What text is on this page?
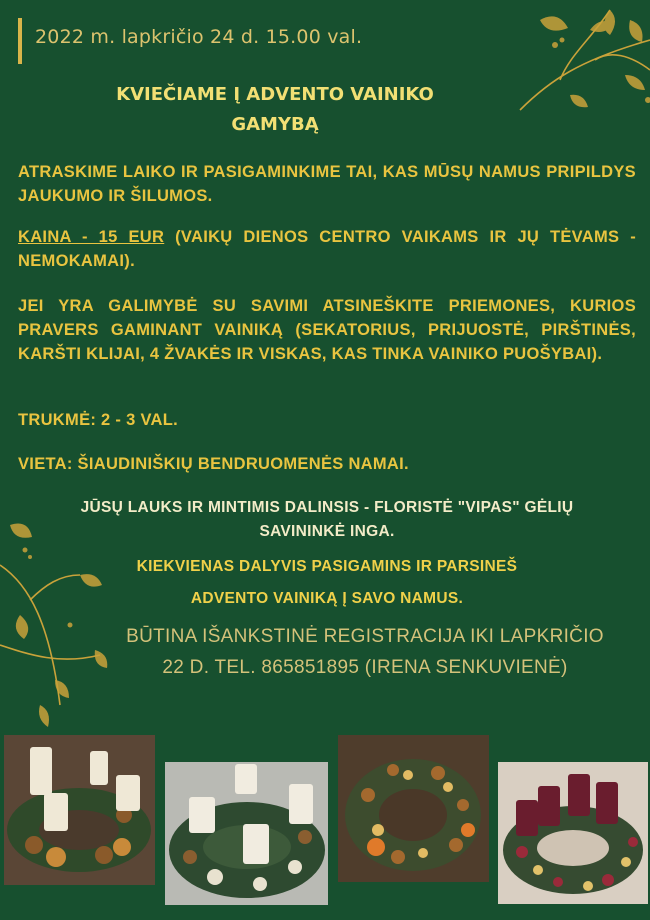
2022 m. lapkričio 24 d. 15.00 val.
KVIEČIAME Į ADVENTO VAINIKO
GAMYBĄ

ATRASKIME LAIKO IR PASIGAMINKIME TAI, KAS MŪSŲ NAMUS PRIPILDYS JAUKUMO IR ŠILUMOS.

KAINA - 15 EUR (VAIKŲ DIENOS CENTRO VAIKAMS IR JŲ TĖVAMS - NEMOKAMAI).

JEI YRA GALIMYBĖ SU SAVIMI ATSINEŠKITE PRIEMONES, KURIOS PRAVERS GAMINANT VAINIKĄ (SEKATORIUS, PRIJUOSTĖ, PIRŠTINĖS, KARŠTI KLIJAI, 4 ŽVAKĖS IR VISKAS, KAS TINKA VAINIKO PUOŠYBAI).

TRUKMĖ: 2 - 3 VAL.

VIETA: ŠIAUDINIŠKIŲ BENDRUOMENĖS NAMAI.

JŪSŲ LAUKS IR MINTIMIS DALINSIS - FLORISTĖ "VIPAS" GĖLIŲ
SAVININKĖ INGA.
KIEKVIENAS DALYVIS PASIGAMINS IR PARSINEŠ
ADVENTO VAINIKĄ Į SAVO NAMUS.
BŪTINA IŠANKSTINĖ REGISTRACIJA IKI LAPKRIČIO
22 D. TEL. 865851895 (IRENA SENKUVIENĖ)
